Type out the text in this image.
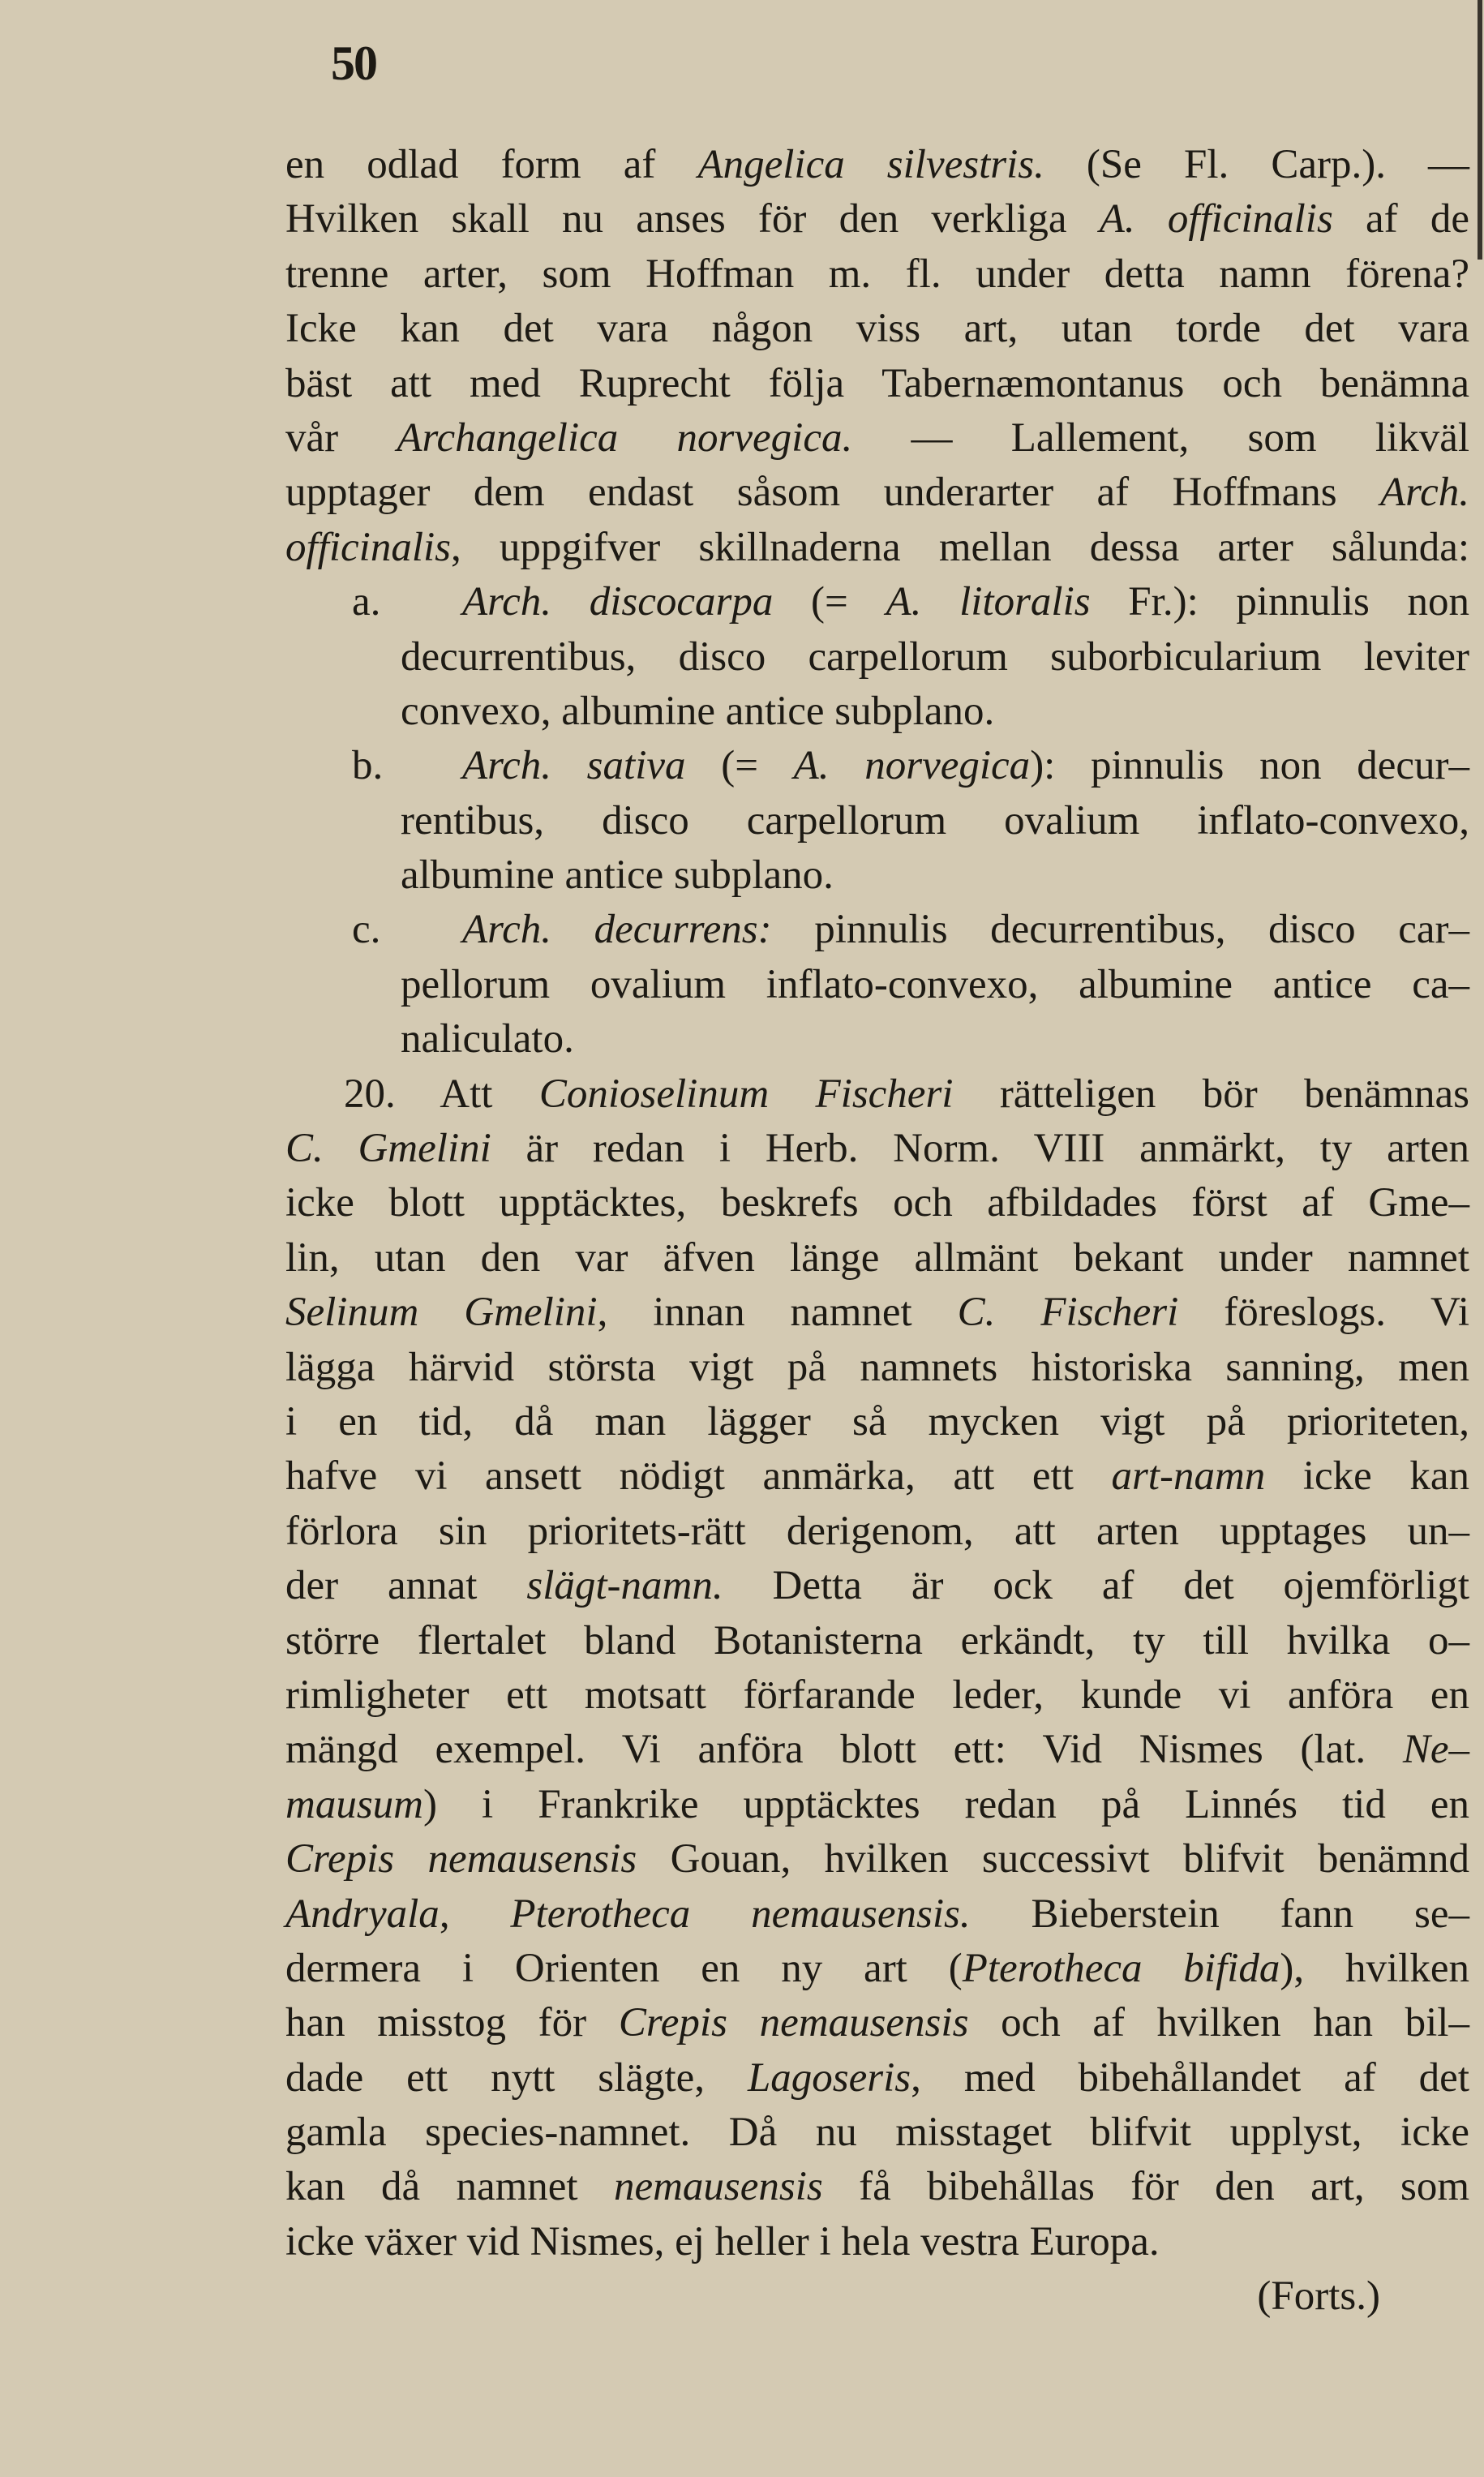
50
en odlad form af Angelica silvestris. (Se Fl. Carp.). —
Hvilken skall nu anses för den verkliga A. officinalis af de
trenne arter, som Hoffman m. fl. under detta namn förena?
Icke kan det vara någon viss art, utan torde det vara
bäst att med Ruprecht följa Tabernæmontanus och benämna
vår Archangelica norvegica. — Lallement, som likväl
upptager dem endast såsom underarter af Hoffmans Arch.
officinalis, uppgifver skillnaderna mellan dessa arter sålunda:
a. Arch. discocarpa (= A. litoralis Fr.): pinnulis non
decurrentibus, disco carpellorum suborbicularium leviter
convexo, albumine antice subplano.
b. Arch. sativa (= A. norvegica): pinnulis non decur–
rentibus, disco carpellorum ovalium inflato-convexo,
albumine antice subplano.
c. Arch. decurrens: pinnulis decurrentibus, disco car–
pellorum ovalium inflato-convexo, albumine antice ca–
naliculato.
20. Att Conioselinum Fischeri rätteligen bör benämnas
C. Gmelini är redan i Herb. Norm. VIII anmärkt, ty arten
icke blott upptäcktes, beskrefs och afbildades först af Gme–
lin, utan den var äfven länge allmänt bekant under namnet
Selinum Gmelini, innan namnet C. Fischeri föreslogs. Vi
lägga härvid största vigt på namnets historiska sanning, men
i en tid, då man lägger så mycken vigt på prioriteten,
hafve vi ansett nödigt anmärka, att ett art-namn icke kan
förlora sin prioritets-rätt derigenom, att arten upptages un–
der annat slägt-namn. Detta är ock af det ojemförligt
större flertalet bland Botanisterna erkändt, ty till hvilka o–
rimligheter ett motsatt förfarande leder, kunde vi anföra en
mängd exempel. Vi anföra blott ett: Vid Nismes (lat. Ne–
mausum) i Frankrike upptäcktes redan på Linnés tid en
Crepis nemausensis Gouan, hvilken successivt blifvit benämnd
Andryala, Pterotheca nemausensis. Bieberstein fann se–
dermera i Orienten en ny art (Pterotheca bifida), hvilken
han misstog för Crepis nemausensis och af hvilken han bil–
dade ett nytt slägte, Lagoseris, med bibehållandet af det
gamla species-namnet. Då nu misstaget blifvit upplyst, icke
kan då namnet nemausensis få bibehållas för den art, som
icke växer vid Nismes, ej heller i hela vestra Europa.
(Forts.)
